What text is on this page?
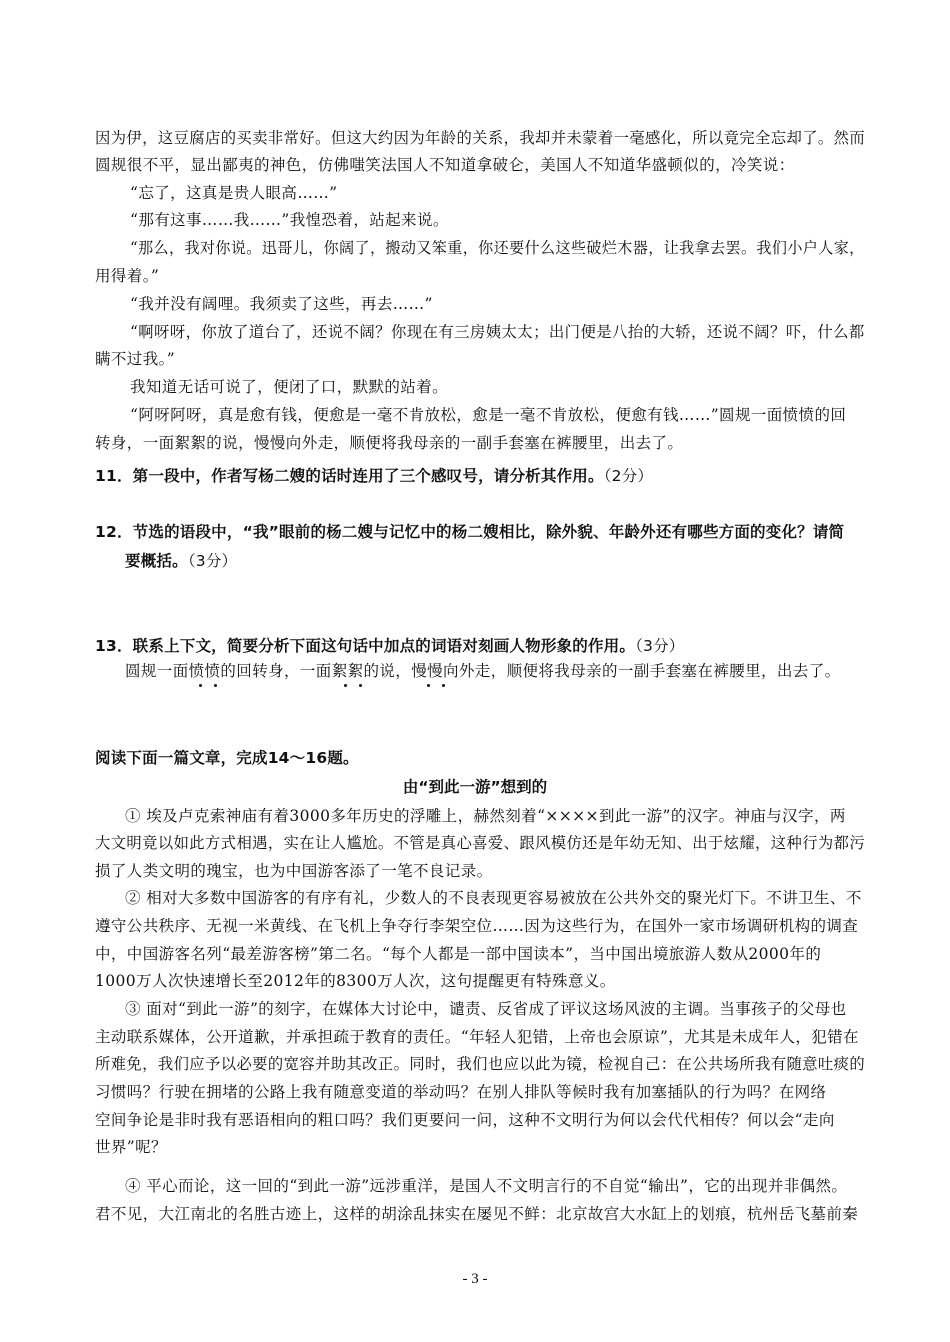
因为伊，这豆腐店的买卖非常好。但这大约因为年龄的关系，我却并未蒙着一毫感化，所以竟完全忘却了。然而
圆规很不平，显出鄙夷的神色，仿佛嗤笑法国人不知道拿破仑，美国人不知道华盛顿似的，冷笑说：
“忘了，这真是贵人眼高……”
“那有这事……我……”我惶恐着，站起来说。
“那么，我对你说。迅哥儿，你阔了，搬动又笨重，你还要什么这些破烂木器，让我拿去罢。我们小户人家，
用得着。”
“我并没有阔哩。我须卖了这些，再去……”
“啊呀呀，你放了道台了，还说不阔？你现在有三房姨太太；出门便是八抬的大轿，还说不阔？吓，什么都
瞒不过我。”
我知道无话可说了，便闭了口，默默的站着。
“阿呀阿呀，真是愈有钱，便愈是一毫不肯放松，愈是一毫不肯放松，便愈有钱……”圆规一面愤愤的回
转身，一面絮絮的说，慢慢向外走，顺便将我母亲的一副手套塞在裤腰里，出去了。
11．第一段中，作者写杨二嫂的话时连用了三个感叹号，请分析其作用。（2分）
12．节选的语段中，“我”眼前的杨二嫂与记忆中的杨二嫂相比，除外貌、年龄外还有哪些方面的变化？请简
要概括。（3分）
13．联系上下文，简要分析下面这句话中加点的词语对刻画人物形象的作用。（3分）
圆规一面愤愤的回转身，一面絮絮的说，慢慢向外走，顺便将我母亲的一副手套塞在裤腰里，出去了。
阅读下面一篇文章，完成14～16题。
由“到此一游”想到的
① 埃及卢克索神庙有着3000多年历史的浮雕上，赫然刻着“××××到此一游”的汉字。神庙与汉字，两
大文明竟以如此方式相遇，实在让人尴尬。不管是真心喜爱、跟风模仿还是年幼无知、出于炫耀，这种行为都污
损了人类文明的瑰宝，也为中国游客添了一笔不良记录。
② 相对大多数中国游客的有序有礼，少数人的不良表现更容易被放在公共外交的聚光灯下。不讲卫生、不
遵守公共秩序、无视一米黄线、在飞机上争夺行李架空位……因为这些行为，在国外一家市场调研机构的调查
中，中国游客名列“最差游客榜”第二名。“每个人都是一部中国读本”，当中国出境旅游人数从2000年的
1000万人次快速增长至2012年的8300万人次，这句提醒更有特殊意义。
③ 面对“到此一游”的刻字，在媒体大讨论中，谴责、反省成了评议这场风波的主调。当事孩子的父母也
主动联系媒体，公开道歉，并承担疏于教育的责任。“年轻人犯错，上帝也会原谅”，尤其是未成年人，犯错在
所难免，我们应予以必要的宽容并助其改正。同时，我们也应以此为镜，检视自己：在公共场所我有随意吐痰的
习惯吗？行驶在拥堵的公路上我有随意变道的举动吗？在别人排队等候时我有加塞插队的行为吗？在网络
空间争论是非时我有恶语相向的粗口吗？我们更要问一问，这种不文明行为何以会代代相传？何以会“走向
世界”呢？
④ 平心而论，这一回的“到此一游”远涉重洋，是国人不文明言行的不自觉“输出”，它的出现并非偶然。
君不见，大江南北的名胜古迹上，这样的胡涂乱抹实在屡见不鲜：北京故宫大水缸上的划痕，杭州岳飞墓前秦
- 3 -
